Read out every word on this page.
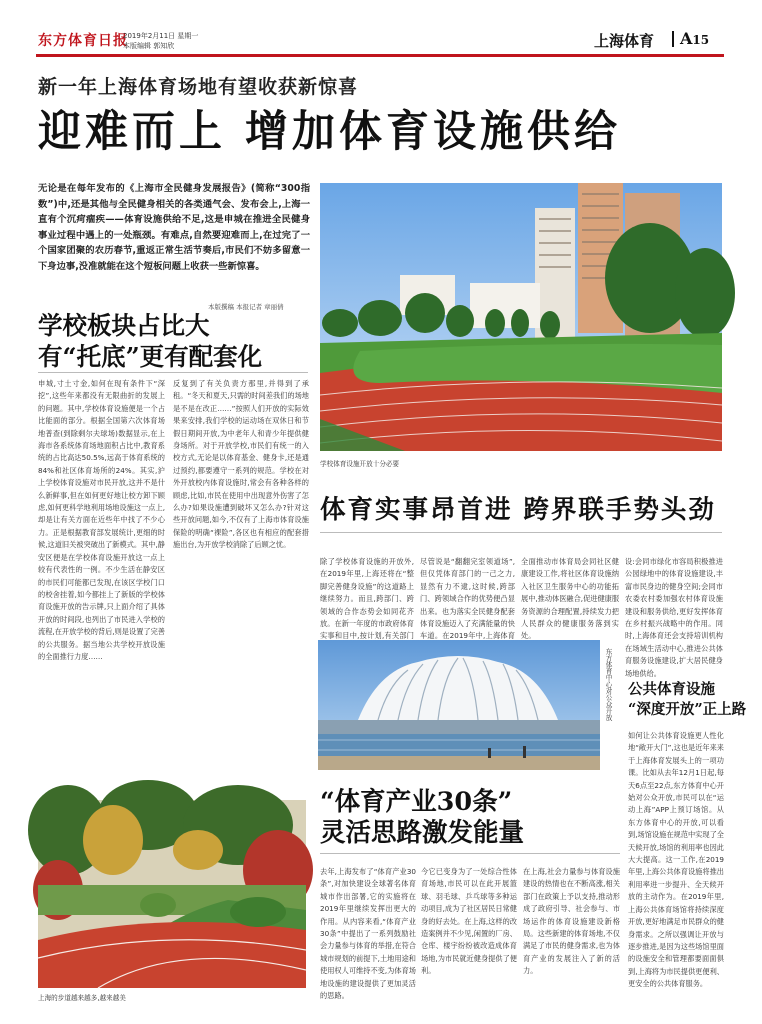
东方体育日报
2019年2月11日 星期一
本版编辑 郭知欣	上海体育 A15
新一年上海体育场地有望收获新惊喜
迎难而上 增加体育设施供给
无论是在每年发布的《上海市全民健身发展报告》(简称“300指数”)中,还是其他与全民健身相关的各类通气会、发布会上,上海一直有个沉疴痼疾——体育设施供给不足,这是申城在推进全民健身事业过程中遇上的一处瓶颈。有难点,自然要迎难而上,在过完了一个国家团聚的农历春节,重返正常生活节奏后,市民们不妨多留意一下身边事,没准就能在这个短板问题上收获一些新惊喜。
本版撰稿 本报记者 章丽倩
学校体育设施开放十分必要
学校板块占比大
有“托底”更有配套化
申城,寸土寸金,如何在现有条件下“深挖”,这些年来都没有无限曲折的发展上的问题。其中,学校体育设施便是一个占比能面的部分。根据全国第六次体育场地普查(到除剩尔夫球场)数据显示,在上海市各系统体育场地面积占比中,教育系统的占比高达50.5%,远高于体育系统的84%和社区体育场所的24%。其实,沪上学校体育设施对市民开放,这并不是什么新鲜事,但在如何更好地让校方卸下顾虑,如何更科学地利用场地设施这一点上,却是让有关方面在近些年中找了不少心力。正是根据教育部发展统计,更细的时候,这道旧关被突破出了新模式。其中,静安区便是在学校体育设施开放这一点上较有代表性的一例。不少生活在静安区的市民们可能都已发现,在该区学校门口的校舍挂着,如今都挂上了新版的学校体育设施开放的告示牌,只上面介绍了具体开放的时间段,也列出了市民进入学校的流程,在开放学校的背后,则是设置了完善的公共服务。据当地公共学校开放设施的全面推行力度……
反复到了有关负责方那里,并得到了承租。“冬天和夏天,只需的时间差我们的场地是不是在改正……”按照人们开放的实际效果来安排,我们学校的运动场在双休日和节假日期间开放,为中老年人和青少年提供健身场所。对于开放学校,市民们有统一的入校方式,无论是以体育基金、健身卡,还是通过预约,都要遵守一系列的规范。学校在对外开放校内体育设施时,常会有各种各样的顾虑,比如,市民在使用中出现意外伤害了怎么办?如果设施遭到破坏又怎么办?针对这些开放问题,如今,不仅有了上海市体育设施保险的明确“裸险”,各区也有相应的配套措施出台,为开放学校消除了后顾之忧。
上海的步道越来越多,越来越美
体育实事昂首进 跨界联手势头劲
除了学校体育设施的开放外,在2019年里,上海还将在“整脚完善健身设施”的这道路上继续努力。而且,跨部门、跨领域的合作态势会如同花齐放。在新一年度的市政府体育实事和目中,按计划,有关部门
尽管说是“翻翻完室领道场”,但仅凭体育部门的一己之力,显然有力不逮,这时候,跨部门、跨领域合作的优势便凸显出来。也为落实全民健身配套体育设施迈入了充满能量的快车道。在2019年中,上海体育
全面推动市体育局会同社区健康建设工作,将社区体育设施纳入社区卫生服务中心的功能拓展中,推动体医融合,促进健康服务资源的合理配置,持续发力把人民群众的健康服务落到实处。
设:会同市绿化市容局积极推进公园绿地中的体育设施建设,丰富市民身边的健身空间;会同市农委农村委加强农村体育设施建设和服务供给,更好发挥体育在乡村振兴战略中的作用。同时,上海体育还会支持培训机构在场域生活动中心,推进公共体育服务设施建设,扩大居民健身场地供给。
东方体育中心对公众开放 公共体育设施
“深度开放”正上路
如何让公共体育设施更人性化地“敞开大门”,这也是近年来来于上海体育发展头上的一项功课。比如从去年12月1日起,每天6点至22点,东方体育中心开始对公众开放,市民可以在“运动上海”APP上预订场馆。从东方体育中心的开放,可以看到,场馆设施在规范中实现了全天候开放,场馆的利用率也因此大大提高。这一工作,在2019年里,上海公共体育设施将推出利用率进一步提升、全天候开放的主动作为。在2019年里,上海公共体育场馆将持续深度开放,更好地满足市民群众的健身需求。之所以强调让开放与逐步推进,是因为这些场馆里面的设施安全和管理都要面面俱到,上海将为市民提供更便利、更安全的公共体育服务。
“体育产业30条”
灵活思路激发能量
去年,上海发布了“体育产业30条”,对加快建设全球著名体育城市作出部署,它的实施将在2019年里继续发挥出更大的作用。从内容来看,“体育产业30条”中提出了一系列鼓励社会力量参与体育的举措,在符合城市规划的前提下,土地用途和使用权人可维持不变,为体育场地设施的建设提供了更加灵活的思路。
今它已变身为了一处综合性体育场地,市民可以在此开展篮球、羽毛球、乒乓球等多种运动项目,成为了社区居民日常健身的好去处。在上海,这样的改造案例并不少见,闲置的厂房、仓库、楼宇纷纷被改造成体育场地,为市民就近健身提供了便利。
在上海,社会力量参与体育设施建设的热情也在不断高涨,相关部门在政策上予以支持,推动形成了政府引导、社会参与、市场运作的体育设施建设新格局。这些新建的体育场地,不仅满足了市民的健身需求,也为体育产业的发展注入了新的活力。
